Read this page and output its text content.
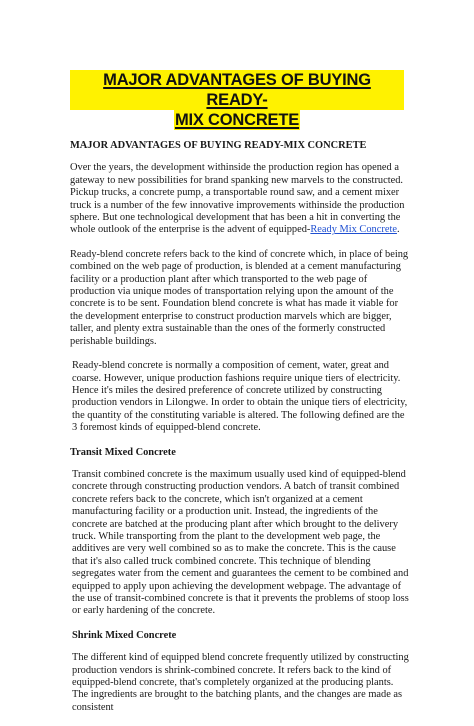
MAJOR ADVANTAGES OF BUYING READY-
MIX CONCRETE

MAJOR ADVANTAGES OF BUYING READY-MIX CONCRETE

Over the years, the development withinside the production region has opened a gateway to new possibilities for brand spanking new marvels to the constructed. Pickup trucks, a concrete pump, a transportable round saw, and a cement mixer truck is a number of the few innovative improvements withinside the production sphere. But one technological development that has been a hit in converting the whole outlook of the enterprise is the advent of equipped-Ready Mix Concrete.

Ready-blend concrete refers back to the kind of concrete which, in place of being combined on the web page of production, is blended at a cement manufacturing facility or a production plant after which transported to the web page of production via unique modes of transportation relying upon the amount of the concrete is to be sent. Foundation blend concrete is what has made it viable for the development enterprise to construct production marvels which are bigger, taller, and plenty extra sustainable than the ones of the formerly constructed perishable buildings.

Ready-blend concrete is normally a composition of cement, water, great and coarse. However, unique production fashions require unique tiers of electricity. Hence it's miles the desired preference of concrete utilized by constructing production vendors in Lilongwe. In order to obtain the unique tiers of electricity, the quantity of the constituting variable is altered. The following defined are the 3 foremost kinds of equipped-blend concrete.

Transit Mixed Concrete

Transit combined concrete is the maximum usually used kind of equipped-blend concrete through constructing production vendors. A batch of transit combined concrete refers back to the concrete, which isn't organized at a cement manufacturing facility or a production unit. Instead, the ingredients of the concrete are batched at the producing plant after which brought to the delivery truck. While transporting from the plant to the development web page, the additives are very well combined so as to make the concrete. This is the cause that it's also called truck combined concrete. This technique of blending segregates water from the cement and guarantees the cement to be combined and equipped to apply upon achieving the development webpage. The advantage of the use of transit-combined concrete is that it prevents the problems of stoop loss or early hardening of the concrete.

Shrink Mixed Concrete

The different kind of equipped blend concrete frequently utilized by constructing production vendors is shrink-combined concrete. It refers back to the kind of equipped-blend concrete, that's completely organized at the producing plants. The ingredients are brought to the batching plants, and the changes are made as consistent
